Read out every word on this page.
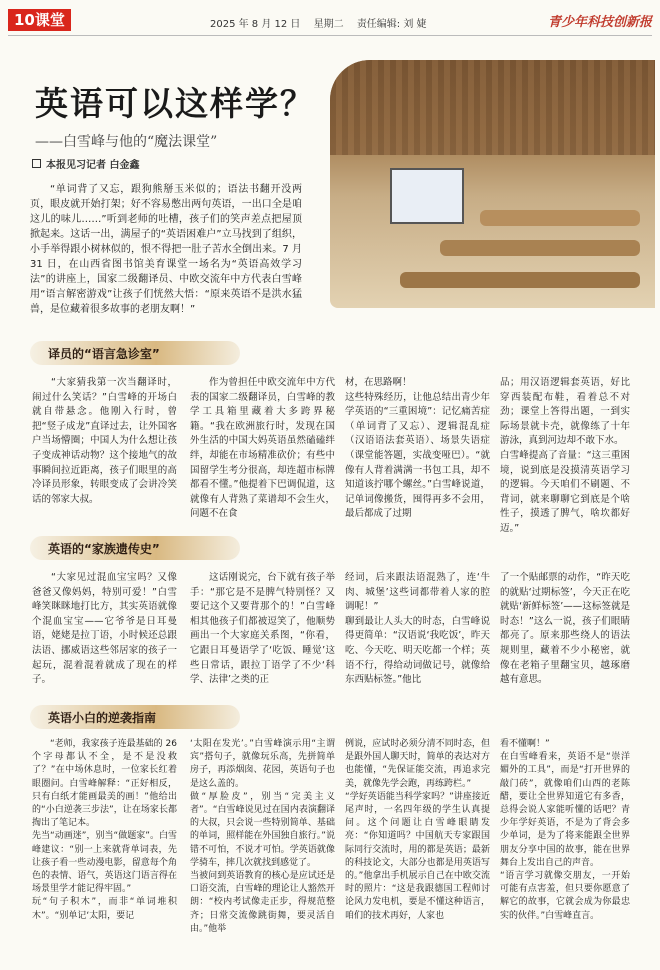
10课堂	2025 年 8 月 12 日 星期二 责任编辑: 刘 婕	青少年科技创新报
英语可以这样学？
——白雪峰与他的“魔法课堂”
本报见习记者 白金鑫

“单词背了又忘，跟狗熊掰玉米似的；语法书翻开没两页，眼皮就开始打架；好不容易憋出两句英语，一出口全是咱这儿的味儿……”听到老师的吐槽，孩子们的笑声差点把屋顶掀起来。这话一出，满屋子的“英语困难户”立马找到了组织，小手举得跟小树林似的，恨不得把一肚子苦水全倒出来。7 月 31 日，在山西省图书馆美育课堂一场名为“英语高效学习法”的讲座上，国家二级翻译员、中欧交流年中方代表白雪峰用“语言解密游戏”让孩子们恍然大悟：“原来英语不是洪水猛兽，是位藏着很多故事的老朋友啊！”

译员的“语言急诊室”

“大家猜我第一次当翻译时，闹过什么笑话？”白雪峰的开场白就自带悬念。他刚入行时，曾把“竖子成龙”直译过去，让外国客户当场懵圈；中国人为什么想让孩子变成神话动物？这个接地气的故事瞬间拉近距离，孩子们眼里的高冷译员形象，转眼变成了会讲冷笑话的邻家大叔。

作为曾担任中欧交流年中方代表的国家二级翻译员，白雪峰的教学工具箱里藏着大多跨界秘籍。“我在欧洲旅行时，发现在国外生活的中国大妈英语虽然磕磕绊绊，却能在市场精准砍价；有些中国留学生考分很高，却连超市标牌都看不懂。”他提着下巴调侃道，这就像有人背熟了菜谱却不会生火，问题不在食

材，在思路啊！
这些特殊经历，让他总结出青少年学英语的“三重困境”：记忆痛苦症（单词背了又忘）、逻辑混乱症（汉语语法套英语）、场景失语症（课堂能答题，实战变哑巴）。“就像有人背着满满一书包工具，却不知道该拧哪个螺丝。”白雪峰说道，记单词像搬货，囤得再多不会用，最后都成了过期

品；用汉语逻辑套英语，好比穿西装配布鞋，看着总不对劲；课堂上答得出题，一到实际场景就卡壳，就像练了十年游泳，真到河边却不敢下水。
白雪峰提高了音量：“这三重困境，说到底是没摸清英语学习的逻辑。今天咱们不刷题、不背词，就来聊聊它到底是个啥性子，摸透了脾气，啥坎都好迈。”

英语的“家族遗传史”

“大家见过混血宝宝吗？又像爸爸又像妈妈，特别可爱！”白雪峰笑眯眯地打比方，其实英语就像个混血宝宝——它爷爷是日耳曼语，姥姥是拉丁语，小时候还总跟法语、挪威语这些邻居家的孩子一起玩，混着混着就成了现在的样子。

这话刚说完，台下就有孩子举手：“那它是不是脾气特别怪？又要记这个又要背那个的！”白雪峰相其他孩子们都被逗笑了，他顺势画出一个大家庭关系图，“你看，它跟日耳曼语学了‘吃饭、睡觉’这些日常话，跟拉丁语学了不少‘科学、法律’之类的正

经词，后来跟法语混熟了，连‘牛肉、城堡’这些词都带着人家的腔调呢！”
聊到最让人头大的时态，白雪峰说得更简单：“汉语说‘我吃饭’，昨天吃、今天吃、明天吃都一个样；英语不行，得给动词做记号，就像给东西贴标签。”他比

了一个贴邮票的动作，“昨天吃的就贴‘过期标签’，今天正在吃就贴‘新鲜标签’——这标签就是时态！”这么一说，孩子们眼睛都亮了。原来那些绕人的语法规则里，藏着不少小秘密，就像在老箱子里翻宝贝，越琢磨越有意思。

英语小白的逆袭指南

“老师，我家孩子连最基础的 26 个字母都认不全，是不是没救了？”在中场休息时，一位家长红着眼圈问。白雪峰解释：“正好相反，只有白纸才能画最美的画！”他给出的“小白逆袭三步法”，让在场家长都掏出了笔记本。
先当“动画迷”，别当“做题家”。白雪峰建议：“别一上来就背单词表，先让孩子看一些动漫电影，留意每个角色的表情、语气，英语这门语言得在场景里学才能记得牢固。”
玩“句子积木”，而非“单词堆积木”。“别单记‘太阳，要记

‘太阳在发光’。”白雪峰演示用“主谓宾”搭句子，就像玩乐高，先拼简单房子，再添烟囱、花园，英语句子也是这么盖的。
做“厚脸皮”，别当“完美主义者”。“白雪峰说见过在国内表演翻译的大叔，只会说一些特别简单、基础的单词，照样能在外国独自旅行。”说错不可怕，不说才可怕。学英语就像学骑车，摔几次就找到感觉了。
当被问到英语教育的核心是应试还是口语交流，白雪峰的理论让人豁然开朗：“校内考试像走正步，得规范整齐；日常交流像跳街舞，要灵活自由。”他举

例说，应试时必须分清不同时态，但是跟外国人聊天时，简单的表达对方也能懂，“先保证能交流，再追求完美，就像先学会跑，再练跨栏。”
“学好英语能当科学家吗？”讲座接近尾声时，一名四年级的学生认真提问。这个问题让白雪峰眼睛发亮：“你知道吗？中国航天专家跟国际同行交流时，用的都是英语；最新的科技论文，大部分也都是用英语写的。”他拿出手机展示自己在中欧交流时的照片：“这是我跟德国工程师讨论风力发电机，要是不懂这种语言，咱们的技术再好，人家也

看不懂啊！”
在白雪峰看来，英语不是“崇洋媚外的工具”，而是“打开世界的敲门砖”，就像咱们山西的老陈醋，要让全世界知道它有多香，总得会说人家能听懂的话吧？青少年学好英语，不是为了背会多少单词，是为了将来能跟全世界朋友分享中国的故事，能在世界舞台上发出自己的声音。
“语言学习就像交朋友，一开始可能有点害羞，但只要你愿意了解它的故事，它就会成为你最忠实的伙伴。”白雪峰直言。
